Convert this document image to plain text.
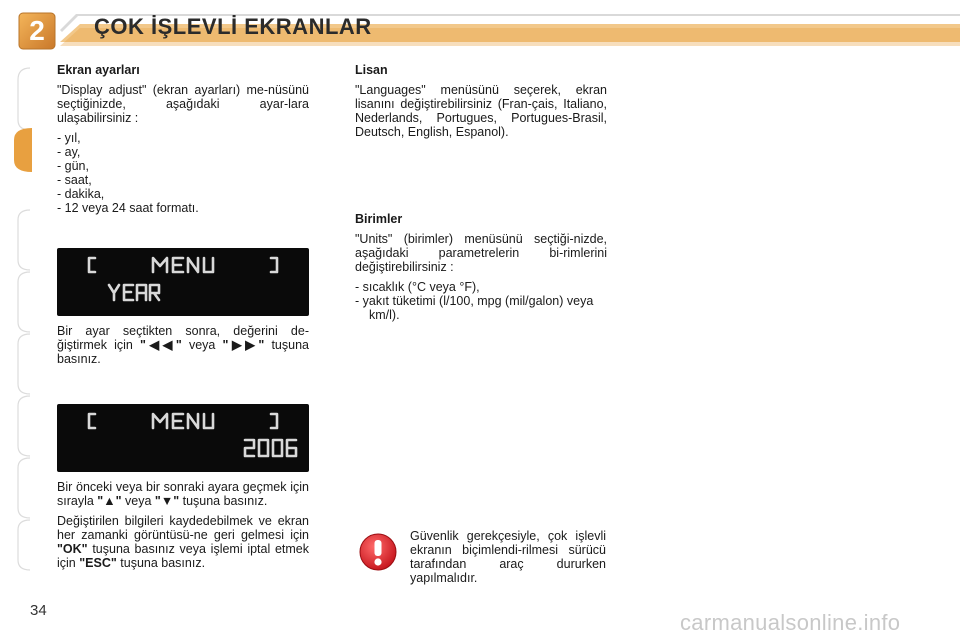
2	ÇOK İŞLEVLİ EKRANLAR
Ekran ayarları

"Display adjust" (ekran ayarları) me-nüsünü seçtiğinizde, aşağıdaki ayar-lara ulaşabilirsiniz :

- yıl,
- ay,
- gün,
- saat,
- dakika,
- 12 veya 24 saat formatı.

Bir ayar seçtikten sonra, değerini de-ğiştirmek için "◀◀" veya "▶▶" tuşuna basınız.

Bir önceki veya bir sonraki ayara geçmek için sırayla "▲" veya "▼" tuşuna basınız.

Değiştirilen bilgileri kaydedebilmek ve ekran her zamanki görüntüsü-ne geri gelmesi için "OK" tuşuna basınız veya işlemi iptal etmek için "ESC" tuşuna basınız.

Lisan

"Languages" menüsünü seçerek, ekran lisanını değiştirebilirsiniz (Fran-çais, Italiano, Nederlands, Portugues, Portugues-Brasil, Deutsch, English, Espanol).

Birimler

"Units" (birimler) menüsünü seçtiği-nizde, aşağıdaki parametrelerin bi-rimlerini değiştirebilirsiniz :

- sıcaklık (°C veya °F),
- yakıt tüketimi (l/100, mpg (mil/galon) veya km/l).

Güvenlik gerekçesiyle, çok işlevli ekranın biçimlendi-rilmesi sürücü tarafından araç dururken yapılmalıdır.

34	carmanualsonline.info
